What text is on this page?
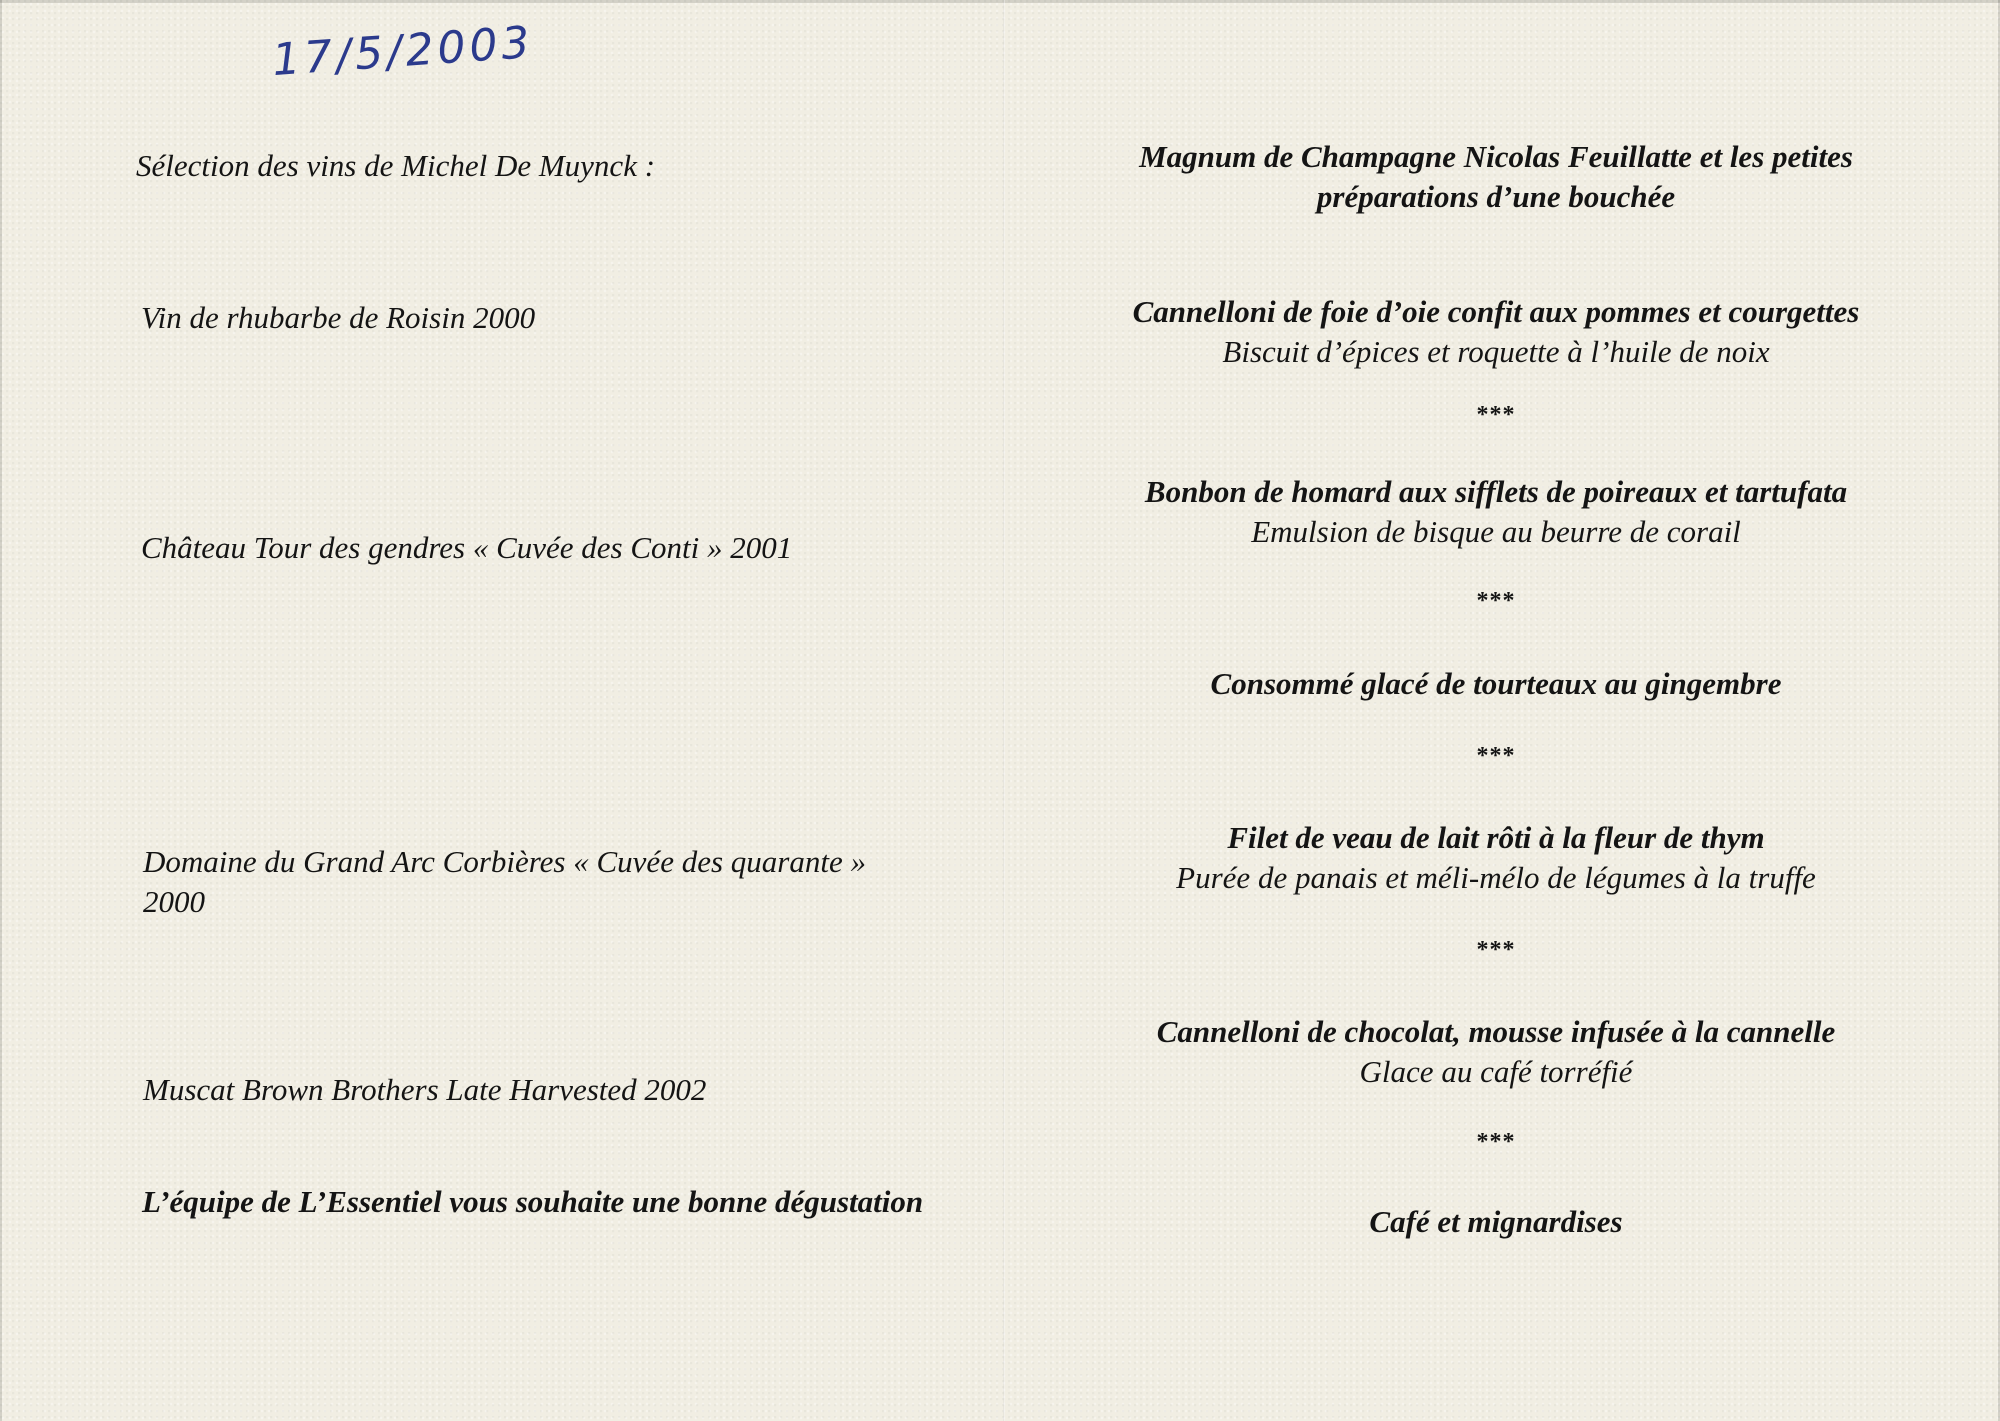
17/5/2003
Sélection des vins de Michel De Muynck :
Vin de rhubarbe de Roisin 2000
Château Tour des gendres « Cuvée des Conti » 2001
Domaine du Grand Arc Corbières « Cuvée des quarante »
2000
Muscat Brown Brothers Late Harvested 2002
L’équipe de L’Essentiel vous souhaite une bonne dégustation
Magnum de Champagne Nicolas Feuillatte et les petites
préparations d’une bouchée
Cannelloni de foie d’oie confit aux pommes et courgettes
Biscuit d’épices et roquette à l’huile de noix
***
Bonbon de homard aux sifflets de poireaux et tartufata
Emulsion de bisque au beurre de corail
***
Consommé glacé de tourteaux au gingembre
***
Filet de veau de lait rôti à la fleur de thym
Purée de panais et méli-mélo de légumes à la truffe
***
Cannelloni de chocolat, mousse infusée à la cannelle
Glace au café torréfié
***
Café et mignardises
